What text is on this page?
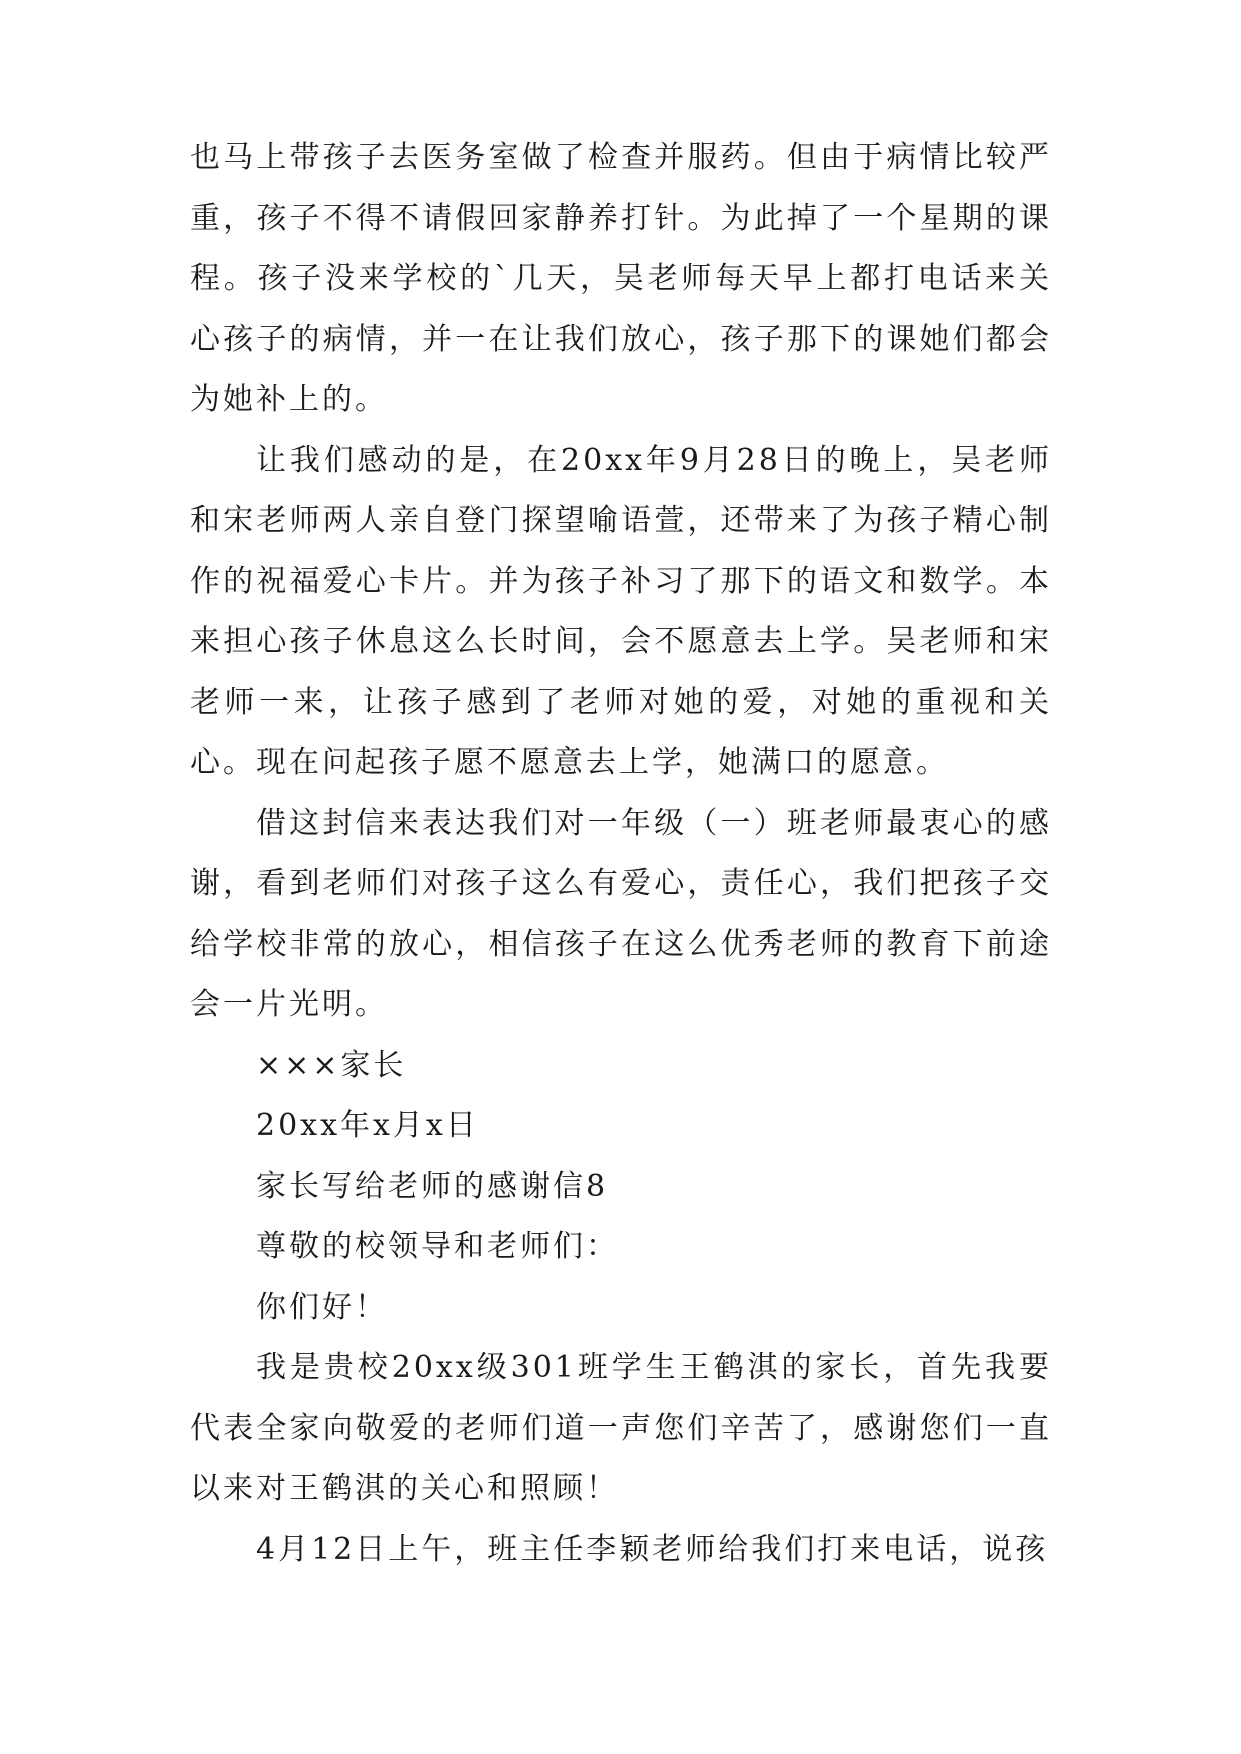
也马上带孩子去医务室做了检查并服药。但由于病情比较严重，孩子不得不请假回家静养打针。为此掉了一个星期的课程。孩子没来学校的`几天，吴老师每天早上都打电话来关心孩子的病情，并一在让我们放心，孩子那下的课她们都会为她补上的。

让我们感动的是，在20xx年9月28日的晚上，吴老师和宋老师两人亲自登门探望喻语萱，还带来了为孩子精心制作的祝福爱心卡片。并为孩子补习了那下的语文和数学。本来担心孩子休息这么长时间，会不愿意去上学。吴老师和宋老师一来，让孩子感到了老师对她的爱，对她的重视和关心。现在问起孩子愿不愿意去上学，她满口的愿意。

借这封信来表达我们对一年级（一）班老师最衷心的感谢，看到老师们对孩子这么有爱心，责任心，我们把孩子交给学校非常的放心，相信孩子在这么优秀老师的教育下前途会一片光明。

×××家长

20xx年x月x日

家长写给老师的感谢信8

尊敬的校领导和老师们：

你们好！

我是贵校20xx级301班学生王鹤淇的家长，首先我要代表全家向敬爱的老师们道一声您们辛苦了，感谢您们一直以来对王鹤淇的关心和照顾！

4月12日上午，班主任李颖老师给我们打来电话，说孩
